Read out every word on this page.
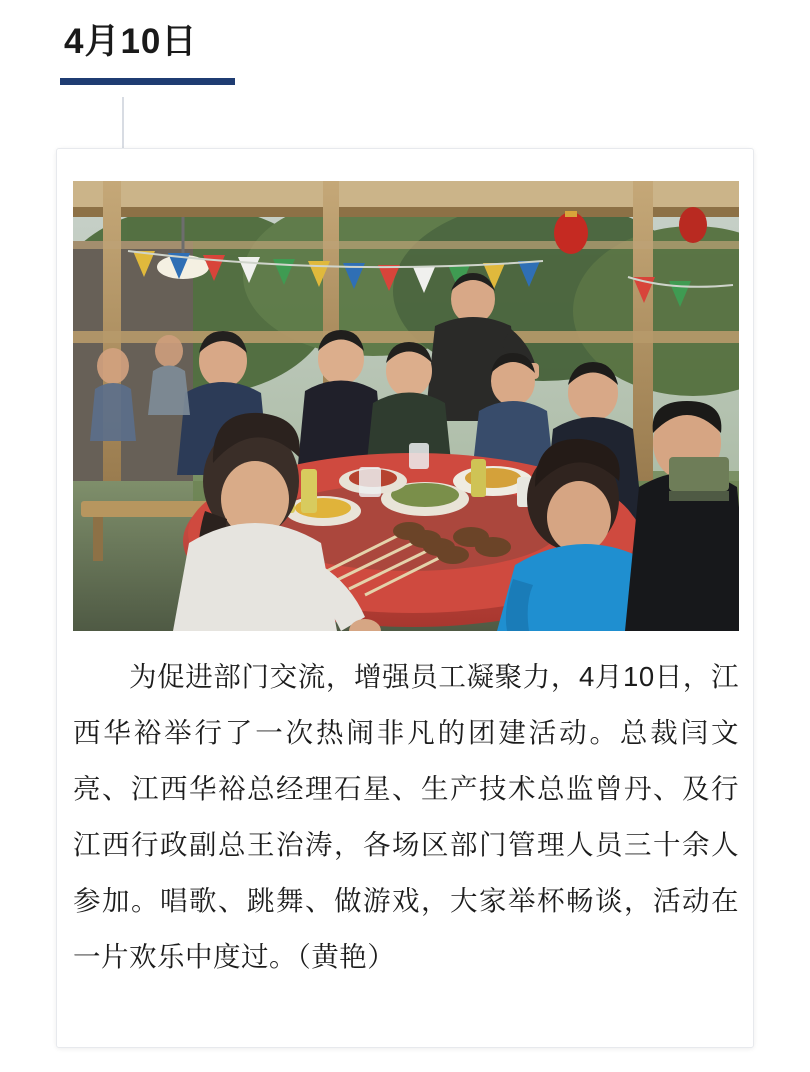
4月10日
为促进部门交流，增强员工凝聚力，4月10日，江西华裕举行了一次热闹非凡的团建活动。总裁闫文亮、江西华裕总经理石星、生产技术总监曾丹、及行江西行政副总王治涛，各场区部门管理人员三十余人参加。唱歌、跳舞、做游戏，大家举杯畅谈，活动在一片欢乐中度过。（黄艳）
